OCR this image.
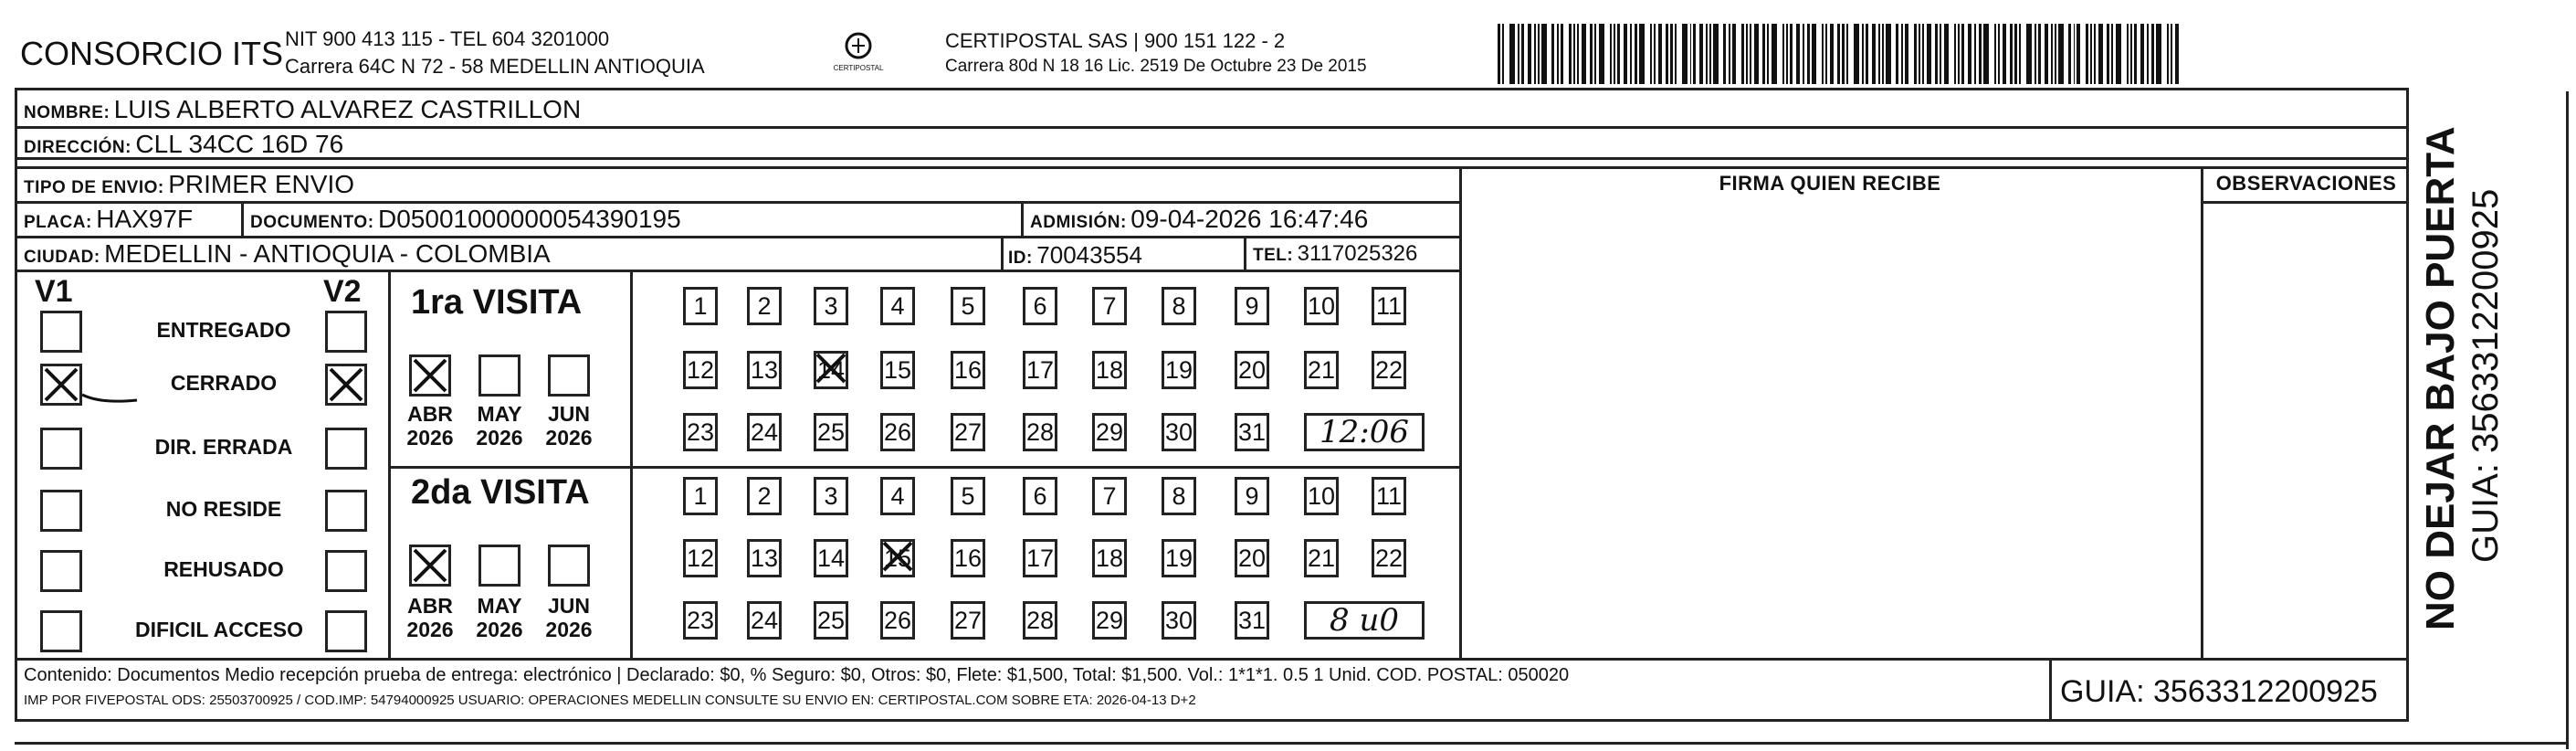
CONSORCIO ITS NIT 900 413 115 - TEL 604 3201000
Carrera 64C N 72 - 58 MEDELLIN ANTIOQUIA	CERTIPOSTAL
CERTIPOSTAL SAS | 900 151 122 - 2
Carrera 80d N 18 16 Lic. 2519 De Octubre 23 De 2015
NOMBRE: LUIS ALBERTO ALVAREZ CASTRILLON
DIRECCIÓN: CLL 34CC 16D 76
TIPO DE ENVIO: PRIMER ENVIO
PLACA: HAX97F	DOCUMENTO: D05001000000054390195	ADMISIÓN: 09-04-2026 16:47:46
CIUDAD: MEDELLIN - ANTIOQUIA - COLOMBIA	ID: 70043554	TEL: 3117025326
FIRMA QUIEN RECIBE	OBSERVACIONES
V1	V2
ENTREGADO
CERRADO
DIR. ERRADA
NO RESIDE
REHUSADO
DIFICIL ACCESO
1ra VISITA
2da VISITA
ABR
2026
MAY
2026
JUN
2026
ABR
2026
MAY
2026
JUN
2026
1	2	3	4	5	6	7	8	9	10 11
12 13 14 15 16 17 18 19 20 21 22
23 24 25 26 27 28 29 30 31	12:06
1	2	3	4	5	6	7	8	9	10 11
12 13 14 15 16 17 18 19 20 21 22
23 24 25 26 27 28 29 30 31	8 u0
Contenido: Documentos Medio recepción prueba de entrega: electrónico | Declarado: $0, % Seguro: $0, Otros: $0, Flete: $1,500, Total: $1,500. Vol.: 1*1*1. 0.5 1 Unid. COD. POSTAL: 050020
IMP POR FIVEPOSTAL ODS: 25503700925 / COD.IMP: 54794000925 USUARIO: OPERACIONES MEDELLIN CONSULTE SU ENVIO EN: CERTIPOSTAL.COM SOBRE ETA: 2026-04-13 D+2	GUIA: 3563312200925
NO DEJAR BAJO PUERTA GUIA: 3563312200925
